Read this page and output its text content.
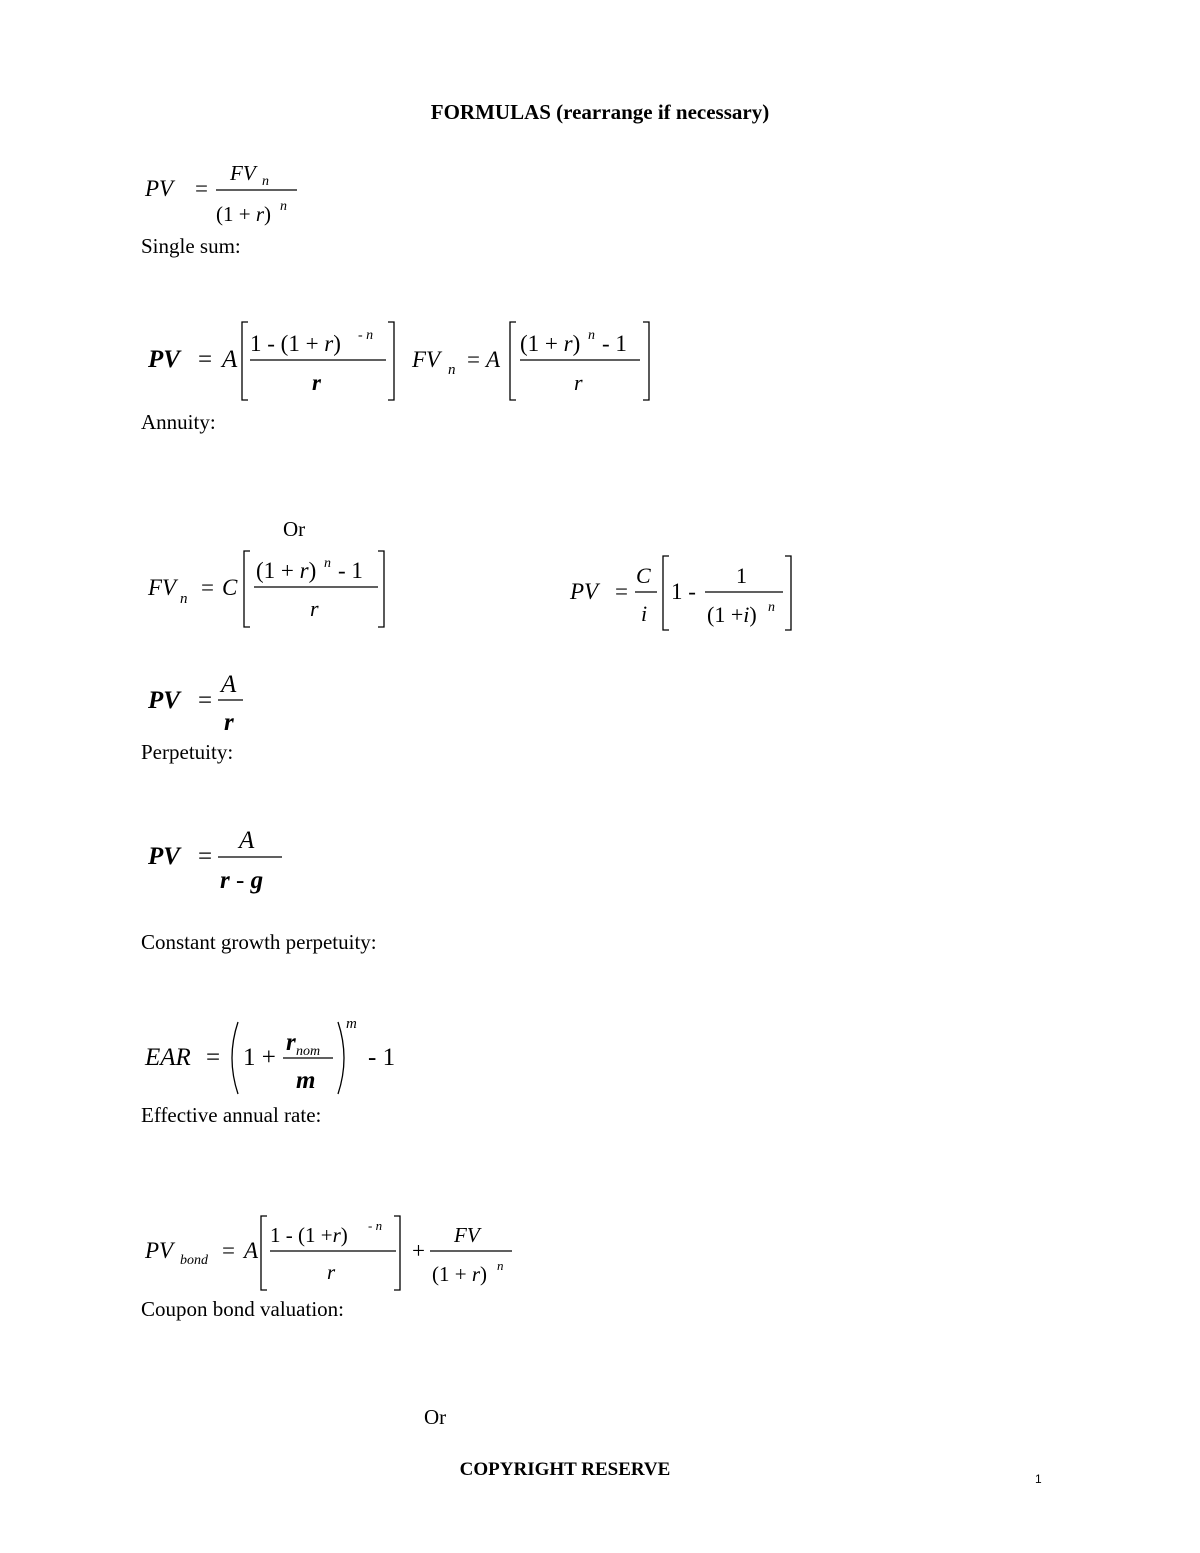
FORMULAS (rearrange if necessary)
PV =
FV n
(1 + r) n
Single sum:
PV = A
1 - (1 + r) - n
r
FV n = A
(1 + r) n - 1
r
Annuity:
Or
FV n = C
(1 + r) n - 1
r
PV =
C
i
1 -
1
(1 +i) n
PV =
A
r
Perpetuity:
PV =
A
r - g
Constant growth perpetuity:
EAR = 1 +
r nom
m
m
- 1
Effective annual rate:
PV bond = A
1 - (1 +r) - n
r
+
FV
(1 + r) n
Coupon bond valuation:
Or
COPYRIGHT RESERVE	1
